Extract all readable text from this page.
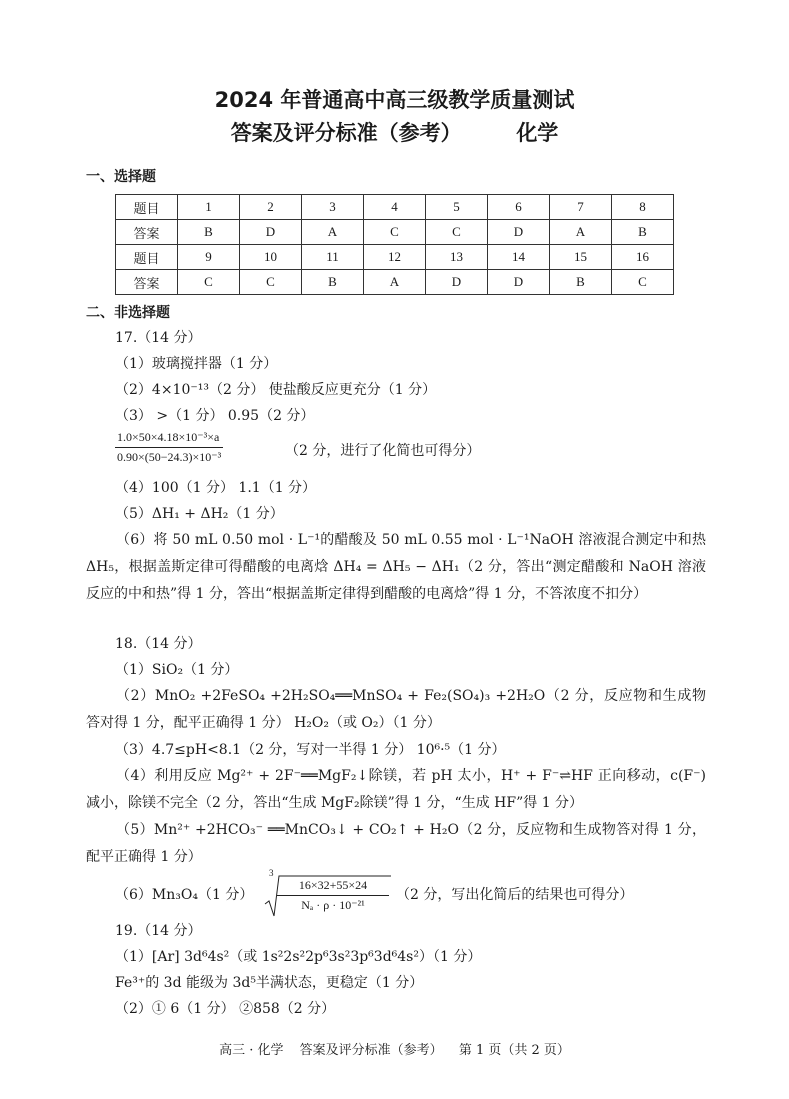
2024 年普通高中高三级教学质量测试
答案及评分标准（参考）	化学
一、选择题
题目	1	2	3	4	5	6	7	8
答案	B	D	A	C	C	D	A	B
题目	9	10	11	12	13	14	15	16
答案	C	C	B	A	D	D	B	C
二、非选择题
17.（14 分）
（1）玻璃搅拌器（1 分）
（2）4×10⁻¹³（2 分） 使盐酸反应更充分（1 分）
（3） >（1 分） 0.95（2 分）
$\frac{\text{1.0×50×4.18×10⁻³×a}}{\text{0.90×(50−24.3)×10⁻³}}$	（2 分，进行了化简也可得分）
（4）100（1 分） 1.1（1 分）
（5）ΔH₁ + ΔH₂（1 分）
（6）将 50 mL 0.50 mol · L⁻¹的醋酸及 50 mL 0.55 mol · L⁻¹NaOH 溶液混合测定中和热 ΔH₅，根据盖斯定律可得醋酸的电离焓 ΔH₄ = ΔH₅ − ΔH₁（2 分，答出“测定醋酸和 NaOH 溶液反应的中和热”得 1 分，答出“根据盖斯定律得到醋酸的电离焓”得 1 分，不答浓度不扣分）
18.（14 分）
（1）SiO₂（1 分）
（2）MnO₂ +2FeSO₄ +2H₂SO₄══MnSO₄ + Fe₂(SO₄)₃ +2H₂O（2 分，反应物和生成物答对得 1 分，配平正确得 1 分） H₂O₂（或 O₂）（1 分）
（3）4.7≤pH<8.1（2 分，写对一半得 1 分） 10⁶·⁵（1 分）
（4）利用反应 Mg²⁺ + 2F⁻══MgF₂↓除镁，若 pH 太小，H⁺ + F⁻⇌HF 正向移动，c(F⁻)减小，除镁不完全（2 分，答出“生成 MgF₂除镁”得 1 分，“生成 HF”得 1 分）
（5）Mn²⁺ +2HCO₃⁻ ══MnCO₃↓ + CO₂↑ + H₂O（2 分，反应物和生成物答对得 1 分，配平正确得 1 分）
（6）Mn₃O₄（1 分）
3
$\frac{16\times 32+55\times 24}{\text{Nₐ · ρ · 10⁻²¹}} (2$ 分，写出化简后的结果也可得分）
19.（14 分）
（1）[Ar] 3d⁶4s²（或 1s²2s²2p⁶3s²3p⁶3d⁶4s²）（1 分）
Fe³⁺的 3d 能级为 3d⁵半满状态，更稳定（1 分）
（2）① 6（1 分） ②858（2 分）
高三 · 化学 答案及评分标准（参考） 第 1 页（共 2 页）
